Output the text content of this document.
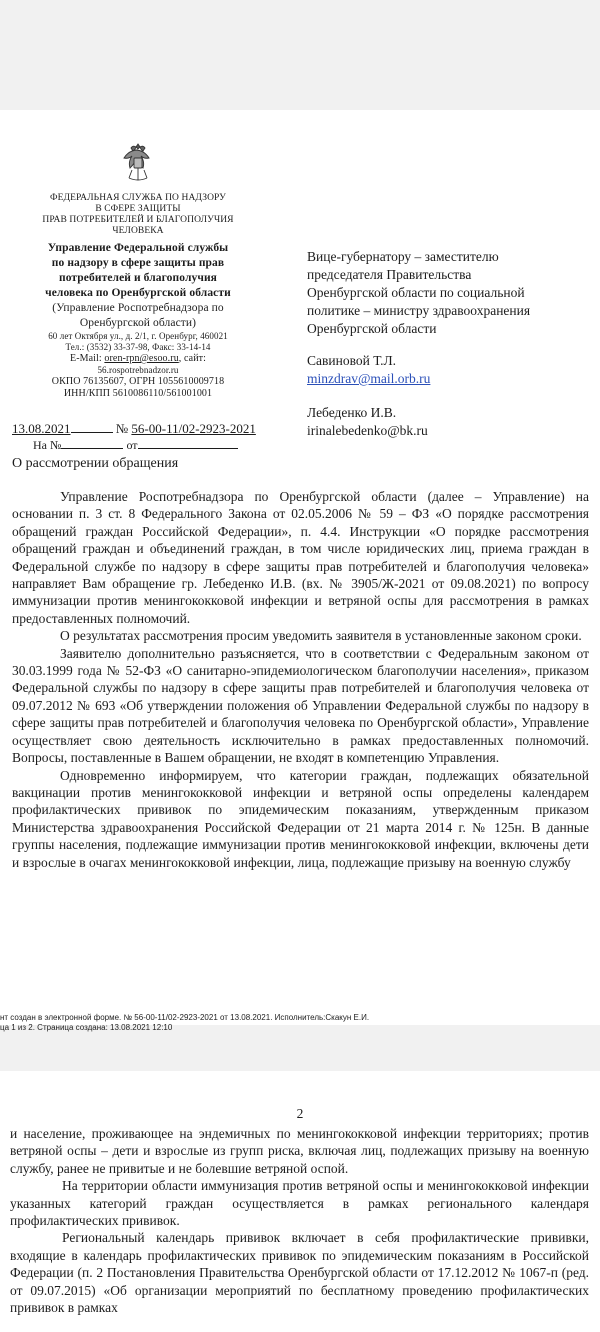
ФЕДЕРАЛЬНАЯ СЛУЖБА ПО НАДЗОРУ
В СФЕРЕ ЗАЩИТЫ
ПРАВ ПОТРЕБИТЕЛЕЙ И БЛАГОПОЛУЧИЯ
ЧЕЛОВЕКА
Управление Федеральной службы
по надзору в сфере защиты прав
потребителей и благополучия
человека по Оренбургской области
(Управление Роспотребнадзора по
Оренбургской области)
60 лет Октября ул., д. 2/1, г. Оренбург, 460021
Тел.: (3532) 33-37-98, Факс: 33-14-14
E-Mail: oren-rpn@esoo.ru, сайт:
56.rospotrebnadzor.ru
ОКПО 76135607, ОГРН 1055610009718
ИНН/КПП 5610086110/561001001
13.08.2021	№ 56-00-11/02-2923-2021
На №	от
О рассмотрении обращения
Вице-губернатору – заместителю
председателя Правительства
Оренбургской области по социальной
политике – министру здравоохранения
Оренбургской области
Савиновой Т.Л.
minzdrav@mail.orb.ru
Лебеденко И.В.
irinalebedenko@bk.ru

Управление Роспотребнадзора по Оренбургской области (далее – Управление) на основании п. 3 ст. 8 Федерального Закона от 02.05.2006 № 59 – ФЗ «О порядке рассмотрения обращений граждан Российской Федерации», п. 4.4. Инструкции «О порядке рассмотрения обращений граждан и объединений граждан, в том числе юридических лиц, приема граждан в Федеральной службе по надзору в сфере защиты прав потребителей и благополучия человека» направляет Вам обращение гр. Лебеденко И.В. (вх. № 3905/Ж-2021 от 09.08.2021) по вопросу иммунизации против менингококковой инфекции и ветряной оспы для рассмотрения в рамках предоставленных полномочий.

О результатах рассмотрения просим уведомить заявителя в установленные законом сроки.

Заявителю дополнительно разъясняется, что в соответствии с Федеральным законом от 30.03.1999 года № 52-ФЗ «О санитарно-эпидемиологическом благополучии населения», приказом Федеральной службы по надзору в сфере защиты прав потребителей и благополучия человека от 09.07.2012 № 693 «Об утверждении положения об Управлении Федеральной службы по надзору в сфере защиты прав потребителей и благополучия человека по Оренбургской области», Управление осуществляет свою деятельность исключительно в рамках предоставленных полномочий. Вопросы, поставленные в Вашем обращении, не входят в компетенцию Управления.

Одновременно информируем, что категории граждан, подлежащих обязательной вакцинации против менингококковой инфекции и ветряной оспы определены календарем профилактических прививок по эпидемическим показаниям, утвержденным приказом Министерства здравоохранения Российской Федерации от 21 марта 2014 г. № 125н. В данные группы населения, подлежащие иммунизации против менингококковой инфекции, включены дети и взрослые в очагах менингококковой инфекции, лица, подлежащие призыву на военную службу

нт создан в электронной форме. № 56-00-11/02-2923-2021 от 13.08.2021. Исполнитель:Скакун Е.И.
ца 1 из 2. Страница создана: 13.08.2021 12:10
2

и население, проживающее на эндемичных по менингококковой инфекции территориях; против ветряной оспы – дети и взрослые из групп риска, включая лиц, подлежащих призыву на военную службу, ранее не привитые и не болевшие ветряной оспой.

На территории области иммунизация против ветряной оспы и менингококковой инфекции указанных категорий граждан осуществляется в рамках регионального календаря профилактических прививок.

Региональный календарь прививок включает в себя профилактические прививки, входящие в календарь профилактических прививок по эпидемическим показаниям в Российской Федерации (п. 2 Постановления Правительства Оренбургской области от 17.12.2012 № 1067-п (ред. от 09.07.2015) «Об организации мероприятий по бесплатному проведению профилактических прививок в рамках
